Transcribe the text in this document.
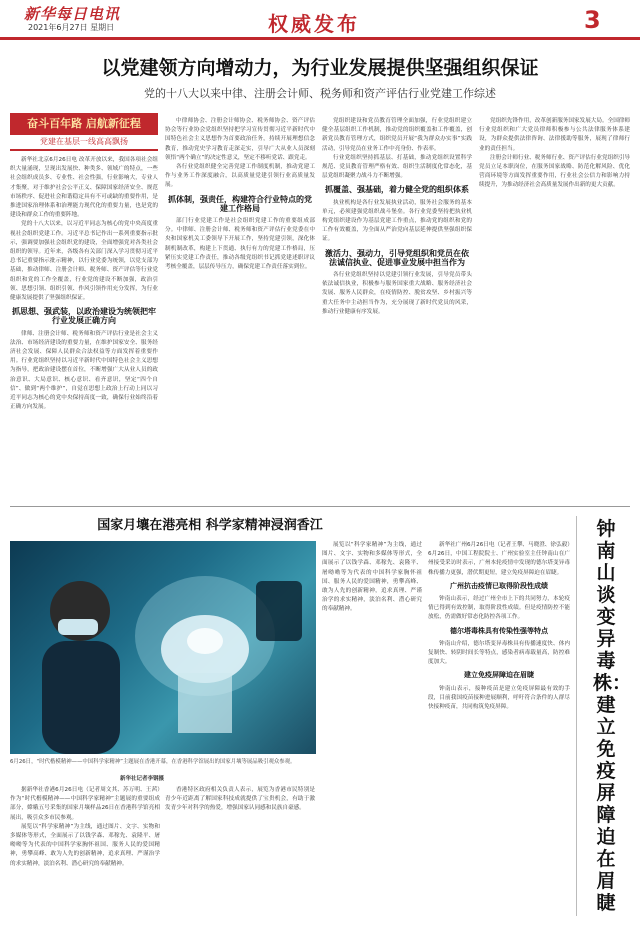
新华每日电讯
2021年6月27日 星期日	权威发布	3
以党建领方向增动力，为行业发展提供坚强组织保证
党的十八大以来中律、注册会计师、税务师和资产评估行业党建工作综述
奋斗百年路 启航新征程
党建在基层一线高高飘扬

新华社北京6月26日电 改革开放以来，我国各项社会组织大量涌现，呈现出发展快、种类多、领域广的特点，一些社会组织成员多、专业性、社会性强，行业影响大，专业人才集聚，对于维护社会公平正义、保障国家经济安全、规范市场秩序、促进社会和谐稳定具有不可或缺的重要作用，是推进国家治理体系和治理能力现代化的重要力量，也是党的建设和群众工作的重要阵地。

党的十八大以来，以习近平同志为核心的党中央高度重视社会组织党建工作。习近平总书记作出一系列重要指示批示，强调要加强社会组织党的建设，全面增强党对各类社会组织的领导。近年来，各级各有关部门深入学习贯彻习近平总书记重要指示批示精神，以行业党委为统领，以党支部为基础，推动律师、注册会计师、税务师、资产评估等行业党组织和党的工作全覆盖，行业党的建设不断加强，政治引领、思想引领、组织引领、作风引领作用充分发挥，为行业健康发展提供了坚强组织保证。

抓思想、强武装，以政治建设为统领把牢行业发展正确方向

律师、注册会计师、税务师和资产评估行业是社会主义法治、市场经济建设的重要力量，在维护国家安全、服务经济社会发展、保障人民群众合法权益等方面发挥着重要作用。行业党组织坚持以习近平新时代中国特色社会主义思想为指导，把政治建设摆在首位，不断增强广大从业人员的政治意识、大局意识、核心意识、看齐意识，坚定“四个自信”、做到“两个维护”，自觉在思想上政治上行动上同以习近平同志为核心的党中央保持高度一致，确保行业始终沿着正确方向发展。

中律师协会、注册会计师协会、税务师协会、资产评估协会等行业协会党组织坚持把学习宣传贯彻习近平新时代中国特色社会主义思想作为首要政治任务，持续开展理想信念教育，推动党史学习教育走深走实，引导广大从业人员深刻领悟“两个确立”的决定性意义，坚定不移听党话、跟党走。

各行业党组织健全完善党建工作制度机制，推动党建工作与业务工作深度融合，以高质量党建引领行业高质量发展。

抓体制，强责任，构建符合行业特点的党建工作格局

部门行业党建工作是社会组织党建工作的重要组成部分。中律师、注册会计师、税务师和资产评估行业党委在中央和国家机关工委领导下开展工作，坚持党建引领，深化体制机制改革，构建上下贯通、执行有力的党建工作格局，压紧压实党建工作责任，推动各级党组织书记抓党建述职评议考核全覆盖，层层传导压力，确保党建工作责任落实到位。

党组织建设和党员教育管理全面加强，行业党组织建立健全基层组织工作机制，推动党的组织覆盖和工作覆盖，创新党员教育管理方式，组织党员开展“我为群众办实事”实践活动，引导党员在业务工作中亮身份、作表率。

行业党组织坚持抓基层、打基础，推动党组织设置科学规范、党员教育管理严格有效、组织生活制度化常态化，基层党组织凝聚力战斗力不断增强。

抓覆盖、强基础，着力健全党的组织体系

执业机构是各行业发展执业活动，服务社会服务的基本单元，必须建强党组织战斗堡垒。各行业党委坚持把执业机构党组织建设作为基层党建工作重点，推动党的组织和党的工作有效覆盖，为全面从严治党向基层延伸提供坚强组织保证。

激活力、强动力，引导党组织和党员在依法诚信执业、促进事业发展中担当作为

各行业党组织坚持以党建引领行业发展，引导党员带头依法诚信执业，积极参与服务国家重大战略、服务经济社会发展、服务人民群众，在疫情防控、脱贫攻坚、乡村振兴等重大任务中主动担当作为，充分展现了新时代党员的风采，推动行业健康有序发展。

党组织先锋作用，改革创新服务国家发展大局。全国律师行业党组织和广大党员律师积极参与公共法律服务体系建设，为群众提供法律咨询、法律援助等服务，展现了律师行业的责任担当。

注册会计师行业、税务师行业、资产评估行业党组织引导党员立足本职岗位，在服务国家战略、防范化解风险、优化营商环境等方面发挥重要作用，行业社会公信力和影响力持续提升，为推动经济社会高质量发展作出新的更大贡献。

国家月壤在港亮相 科学家精神浸润香江
6月26日，“时代楷模精神——中国科学家精神”主题展在香港开幕，在香港科学馆展出的国家月壤等展品吸引观众参观。
新华社记者李钢摄

据新华社香港6月26日电（记者周文其、苏万明、王茜）作为“时代楷模精神——中国科学家精神”主题展的重要组成部分，嫦娥五号采集的国家月壤样品26日在香港科学馆亮相展出，吸引众多市民参观。

展览以“科学家精神”为主线，通过图片、文字、实物和多媒体等形式，全面展示了以钱学森、邓稼先、袁隆平、屠呦呦等为代表的中国科学家胸怀祖国、服务人民的爱国精神，勇攀高峰、敢为人先的创新精神，追求真理、严谨治学的求实精神，淡泊名利、潜心研究的奉献精神。

香港特区政府相关负责人表示，展览为香港市民特别是青少年近距离了解国家科技成就提供了宝贵机会，有助于激发青少年对科学的热爱，增强国家认同感和民族自豪感。

展览以“科学家精神”为主线，通过图片、文字、实物和多媒体等形式，全面展示了以钱学森、邓稼先、袁隆平、屠呦呦等为代表的中国科学家胸怀祖国、服务人民的爱国精神，勇攀高峰、敢为人先的创新精神，追求真理、严谨治学的求实精神，淡泊名利、潜心研究的奉献精神。

新华社广州6月26日电（记者王攀、马晓澄、徐弘毅）6月26日，中国工程院院士、广州实验室主任钟南山在广州接受采访时表示，广州本轮疫情中发现的德尔塔变异毒株传播力更强，潜伏期更短，建立免疫屏障迫在眉睫。

广州抗击疫情已取得阶段性成绩

钟南山表示，经过广州全市上下的共同努力，本轮疫情已得到有效控制，取得阶段性成绩。但是疫情防控不能放松，仍需做好常态化防控各项工作。

德尔塔毒株具有传染性强等特点

钟南山介绍，德尔塔变异毒株具有传播速度快、体内复制快、转阴时间长等特点，感染者病毒载量高，防控难度加大。

建立免疫屏障迫在眉睫

钟南山表示，接种疫苗是建立免疫屏障最有效的手段，目前我国疫苗接种进展顺利，呼吁符合条件的人群尽快接种疫苗，共同构筑免疫屏障。

钟南山谈变异毒株：建立免疫屏障迫在眉睫
